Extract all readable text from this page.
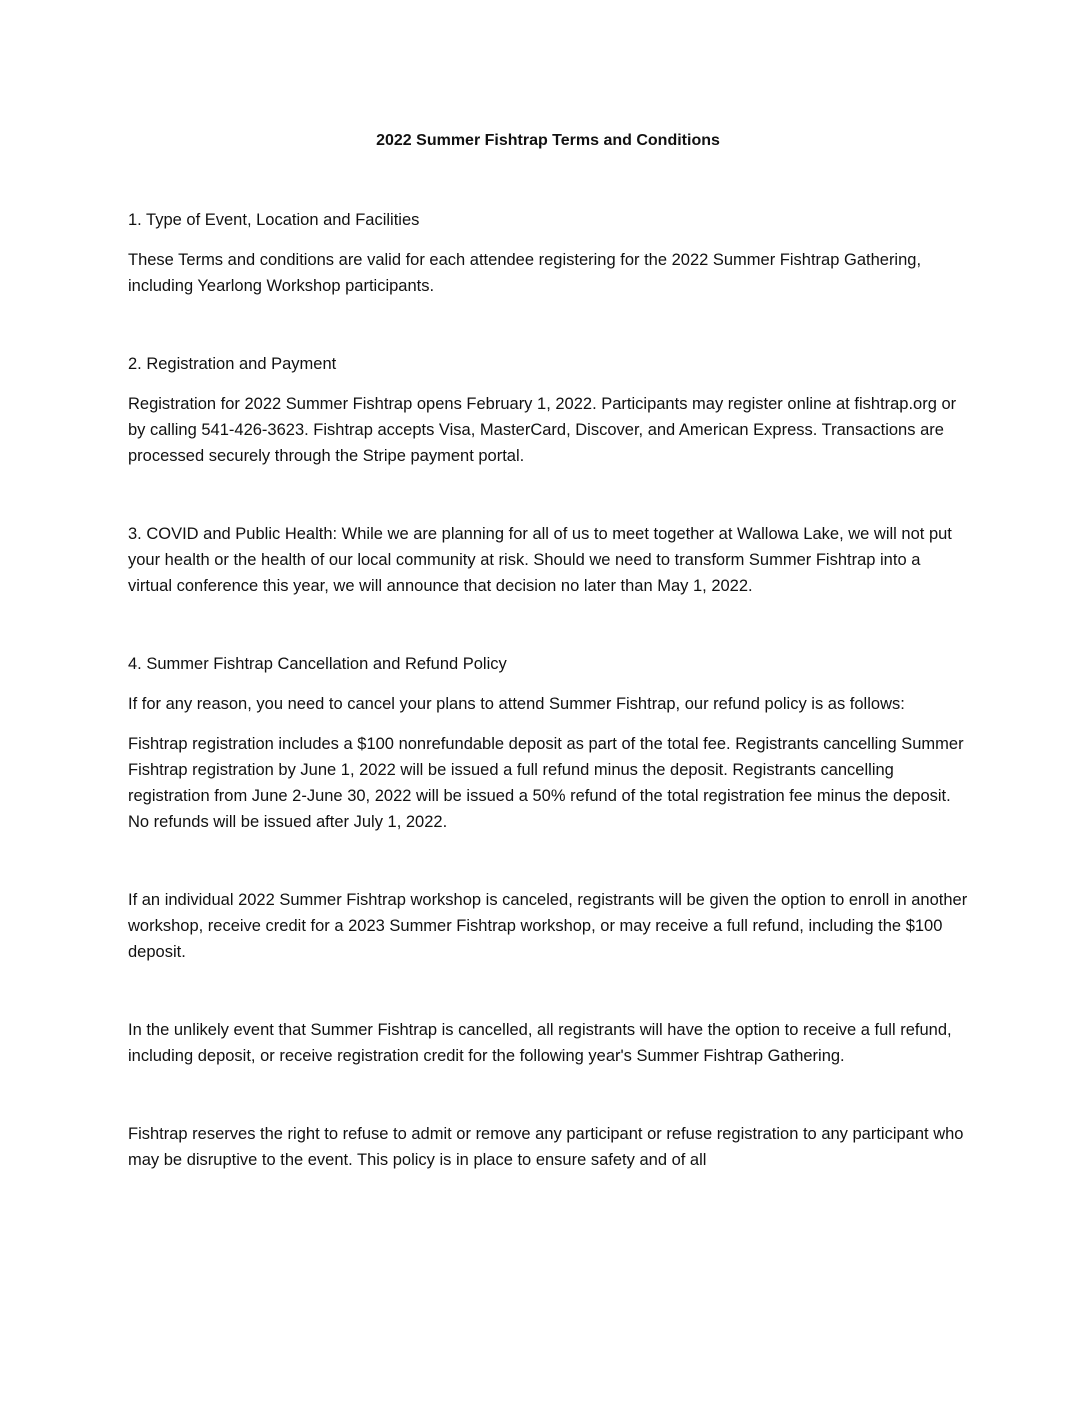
2022 Summer Fishtrap Terms and Conditions

1. Type of Event, Location and Facilities

These Terms and conditions are valid for each attendee registering for the 2022 Summer Fishtrap Gathering, including Yearlong Workshop participants.

2. Registration and Payment

Registration for 2022 Summer Fishtrap opens February 1, 2022. Participants may register online at fishtrap.org or by calling 541-426-3623. Fishtrap accepts Visa, MasterCard, Discover, and American Express. Transactions are processed securely through the Stripe payment portal.

3. COVID and Public Health: While we are planning for all of us to meet together at Wallowa Lake, we will not put your health or the health of our local community at risk. Should we need to transform Summer Fishtrap into a virtual conference this year, we will announce that decision no later than May 1, 2022.

4. Summer Fishtrap Cancellation and Refund Policy

If for any reason, you need to cancel your plans to attend Summer Fishtrap, our refund policy is as follows:

Fishtrap registration includes a $100 nonrefundable deposit as part of the total fee. Registrants cancelling Summer Fishtrap registration by June 1, 2022 will be issued a full refund minus the deposit. Registrants cancelling registration from June 2-June 30, 2022 will be issued a 50% refund of the total registration fee minus the deposit. No refunds will be issued after July 1, 2022.

If an individual 2022 Summer Fishtrap workshop is canceled, registrants will be given the option to enroll in another workshop, receive credit for a 2023 Summer Fishtrap workshop, or may receive a full refund, including the $100 deposit.

In the unlikely event that Summer Fishtrap is cancelled, all registrants will have the option to receive a full refund, including deposit, or receive registration credit for the following year's Summer Fishtrap Gathering.

Fishtrap reserves the right to refuse to admit or remove any participant or refuse registration to any participant who may be disruptive to the event. This policy is in place to ensure safety and of all
